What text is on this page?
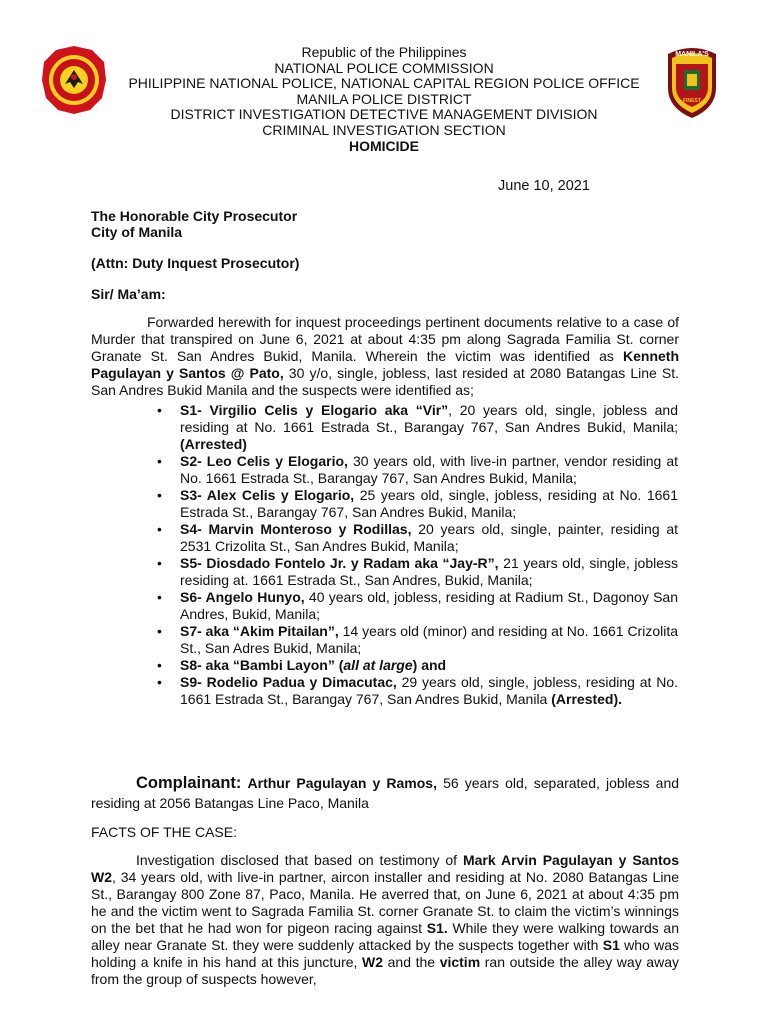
Republic of the Philippines
NATIONAL POLICE COMMISSION
PHILIPPINE NATIONAL POLICE, NATIONAL CAPITAL REGION POLICE OFFICE
MANILA POLICE DISTRICT
DISTRICT INVESTIGATION DETECTIVE MANAGEMENT DIVISION
CRIMINAL INVESTIGATION SECTION
HOMICIDE
MANILA'S
FINEST
June 10, 2021
The Honorable City Prosecutor
City of Manila
(Attn: Duty Inquest Prosecutor)
Sir/ Ma’am:
Forwarded herewith for inquest proceedings pertinent documents relative to a case of Murder that transpired on June 6, 2021 at about 4:35 pm along Sagrada Familia St. corner Granate St. San Andres Bukid, Manila. Wherein the victim was identified as Kenneth Pagulayan y Santos @ Pato, 30 y/o, single, jobless, last resided at 2080 Batangas Line St. San Andres Bukid Manila and the suspects were identified as;
• S1- Virgilio Celis y Elogario aka “Vir”, 20 years old, single, jobless and residing at No. 1661 Estrada St., Barangay 767, San Andres Bukid, Manila; (Arrested)
• S2- Leo Celis y Elogario, 30 years old, with live-in partner, vendor residing at No. 1661 Estrada St., Barangay 767, San Andres Bukid, Manila;
• S3- Alex Celis y Elogario, 25 years old, single, jobless, residing at No. 1661 Estrada St., Barangay 767, San Andres Bukid, Manila;
• S4- Marvin Monteroso y Rodillas, 20 years old, single, painter, residing at 2531 Crizolita St., San Andres Bukid, Manila;
• S5- Diosdado Fontelo Jr. y Radam aka “Jay-R”, 21 years old, single, jobless residing at. 1661 Estrada St., San Andres, Bukid, Manila;
• S6- Angelo Hunyo, 40 years old, jobless, residing at Radium St., Dagonoy San Andres, Bukid, Manila;
• S7- aka “Akim Pitailan”, 14 years old (minor) and residing at No. 1661 Crizolita St., San Adres Bukid, Manila;
• S8- aka “Bambi Layon” (all at large) and
• S9- Rodelio Padua y Dimacutac, 29 years old, single, jobless, residing at No. 1661 Estrada St., Barangay 767, San Andres Bukid, Manila (Arrested).
Complainant: Arthur Pagulayan y Ramos, 56 years old, separated, jobless and residing at 2056 Batangas Line Paco, Manila
FACTS OF THE CASE:
Investigation disclosed that based on testimony of Mark Arvin Pagulayan y Santos W2, 34 years old, with live-in partner, aircon installer and residing at No. 2080 Batangas Line St., Barangay 800 Zone 87, Paco, Manila. He averred that, on June 6, 2021 at about 4:35 pm he and the victim went to Sagrada Familia St. corner Granate St. to claim the victim’s winnings on the bet that he had won for pigeon racing against S1. While they were walking towards an alley near Granate St. they were suddenly attacked by the suspects together with S1 who was holding a knife in his hand at this juncture, W2 and the victim ran outside the alley way away from the group of suspects however,
